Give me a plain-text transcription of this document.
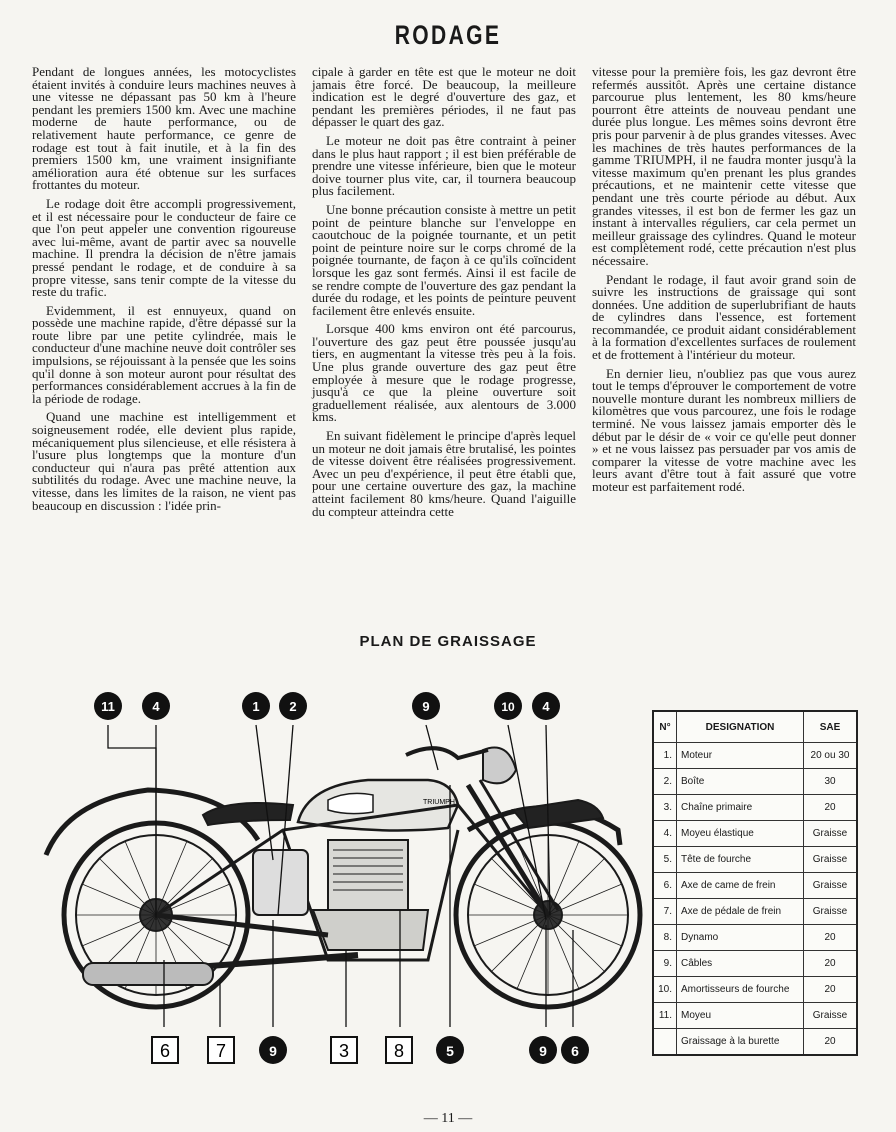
RODAGE

Pendant de longues années, les motocyclistes étaient invités à conduire leurs machines neuves à une vitesse ne dépassant pas 50 km à l'heure pendant les premiers 1500 km. Avec une machine moderne de haute performance, ou de relativement haute performance, ce genre de rodage est tout à fait inutile, et à la fin des premiers 1500 km, une vraiment insignifiante amélioration aura été obtenue sur les surfaces frottantes du moteur.

Le rodage doit être accompli progressivement, et il est nécessaire pour le conducteur de faire ce que l'on peut appeler une convention rigoureuse avec lui-même, avant de partir avec sa nouvelle machine. Il prendra la décision de n'être jamais pressé pendant le rodage, et de conduire à sa propre vitesse, sans tenir compte de la vitesse du reste du trafic.

Evidemment, il est ennuyeux, quand on possède une machine rapide, d'être dépassé sur la route libre par une petite cylindrée, mais le conducteur d'une machine neuve doit contrôler ses impulsions, se réjouissant à la pensée que les soins qu'il donne à son moteur auront pour résultat des performances considérablement accrues à la fin de la période de rodage.

Quand une machine est intelligemment et soigneusement rodée, elle devient plus rapide, mécaniquement plus silencieuse, et elle résistera à l'usure plus longtemps que la monture d'un conducteur qui n'aura pas prêté attention aux subtilités du rodage. Avec une machine neuve, la vitesse, dans les limites de la raison, ne vient pas beaucoup en discussion : l'idée prin-

cipale à garder en tête est que le moteur ne doit jamais être forcé. De beaucoup, la meilleure indication est le degré d'ouverture des gaz, et pendant les premières périodes, il ne faut pas dépasser le quart des gaz.

Le moteur ne doit pas être contraint à peiner dans le plus haut rapport ; il est bien préférable de prendre une vitesse inférieure, bien que le moteur doive tourner plus vite, car, il tournera beaucoup plus facilement.

Une bonne précaution consiste à mettre un petit point de peinture blanche sur l'enveloppe en caoutchouc de la poignée tournante, et un petit point de peinture noire sur le corps chromé de la poignée tournante, de façon à ce qu'ils coïncident lorsque les gaz sont fermés. Ainsi il est facile de se rendre compte de l'ouverture des gaz pendant la durée du rodage, et les points de peinture peuvent facilement être enlevés ensuite.

Lorsque 400 kms environ ont été parcourus, l'ouverture des gaz peut être poussée jusqu'au tiers, en augmentant la vitesse très peu à la fois. Une plus grande ouverture des gaz peut être employée à mesure que le rodage progresse, jusqu'à ce que la pleine ouverture soit graduellement réalisée, aux alentours de 3.000 kms.

En suivant fidèlement le principe d'après lequel un moteur ne doit jamais être brutalisé, les pointes de vitesse doivent être réalisées progressivement. Avec un peu d'expérience, il peut être établi que, pour une certaine ouverture des gaz, la machine atteint facilement 80 kms/heure. Quand l'aiguille du compteur atteindra cette

vitesse pour la première fois, les gaz devront être refermés aussitôt. Après une certaine distance parcourue plus lentement, les 80 kms/heure pourront être atteints de nouveau pendant une durée plus longue. Les mêmes soins devront être pris pour parvenir à de plus grandes vitesses. Avec les machines de très hautes performances de la gamme TRIUMPH, il ne faudra monter jusqu'à la vitesse maximum qu'en prenant les plus grandes précautions, et ne maintenir cette vitesse que pendant une très courte période au début. Aux grandes vitesses, il est bon de fermer les gaz un instant à intervalles réguliers, car cela permet un meilleur graissage des cylindres. Quand le moteur est complètement rodé, cette précaution n'est plus nécessaire.

Pendant le rodage, il faut avoir grand soin de suivre les instructions de graissage qui sont données. Une addition de superlubrifiant de hauts de cylindres dans l'essence, est fortement recommandée, ce produit aidant considérablement à la formation d'excellentes surfaces de roulement et de frottement à l'intérieur du moteur.

En dernier lieu, n'oubliez pas que vous aurez tout le temps d'éprouver le comportement de votre nouvelle monture durant les nombreux milliers de kilomètres que vous parcourez, une fois le rodage terminé. Ne vous laissez jamais emporter dès le début par le désir de « voir ce qu'elle peut donner » et ne vous laissez pas persuader par vos amis de comparer la vitesse de votre machine avec les leurs avant d'être tout à fait assuré que votre moteur est parfaitement rodé.

PLAN DE GRAISSAGE
TRIUMPH
11	4	1 2	9	10 4
6	7	9	3 8	5	9 6
N°	DESIGNATION	SAE
1.	Moteur	20 ou 30
2.	Boîte	30
3.	Chaîne primaire	20
4.	Moyeu élastique	Graisse
5.	Tête de fourche	Graisse
6.	Axe de came de frein	Graisse
7.	Axe de pédale de frein	Graisse
8.	Dynamo	20
9.	Câbles	20
10.	Amortisseurs de fourche	20
11.	Moyeu	Graisse
	Graissage à la burette	20
— 11 —
